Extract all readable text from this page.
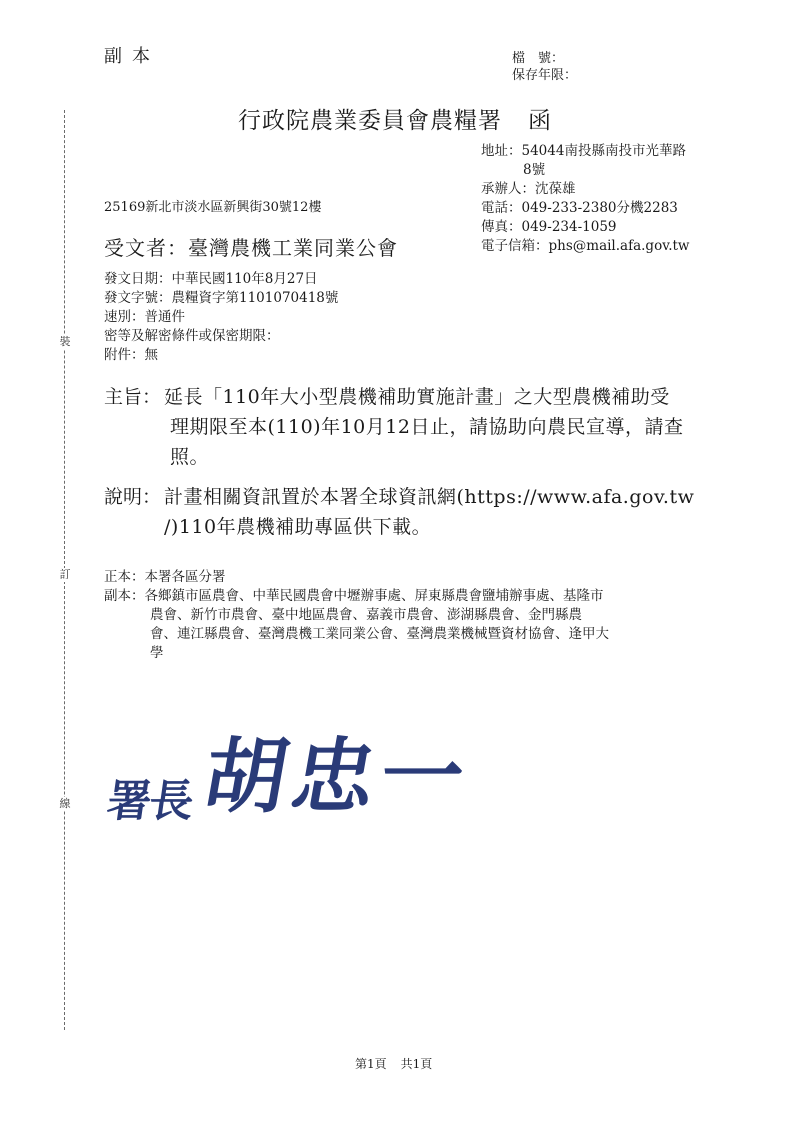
裝
訂
線
副本	檔　號：
保存年限：
行政院農業委員會農糧署 函
地址：54044南投縣南投市光華路
8號
承辦人：沈葆雄
電話：049-233-2380分機2283
傳真：049-234-1059
電子信箱：phs@mail.afa.gov.tw
25169新北市淡水區新興街30號12樓
受文者：臺灣農機工業同業公會
發文日期：中華民國110年8月27日
發文字號：農糧資字第1101070418號
速別：普通件
密等及解密條件或保密期限：
附件：無
主旨： 延長「110年大小型農機補助實施計畫」之大型農機補助受
理期限至本(110)年10月12日止，請協助向農民宣導，請查
照。
說明： 計畫相關資訊置於本署全球資訊網(https://www.afa.gov.tw
/)110年農機補助專區供下載。
正本：本署各區分署
副本：各鄉鎮市區農會、中華民國農會中壢辦事處、屏東縣農會鹽埔辦事處、基隆市
農會、新竹市農會、臺中地區農會、嘉義市農會、澎湖縣農會、金門縣農
會、連江縣農會、臺灣農機工業同業公會、臺灣農業機械暨資材協會、逢甲大
學
署長胡忠一
第1頁 共1頁
